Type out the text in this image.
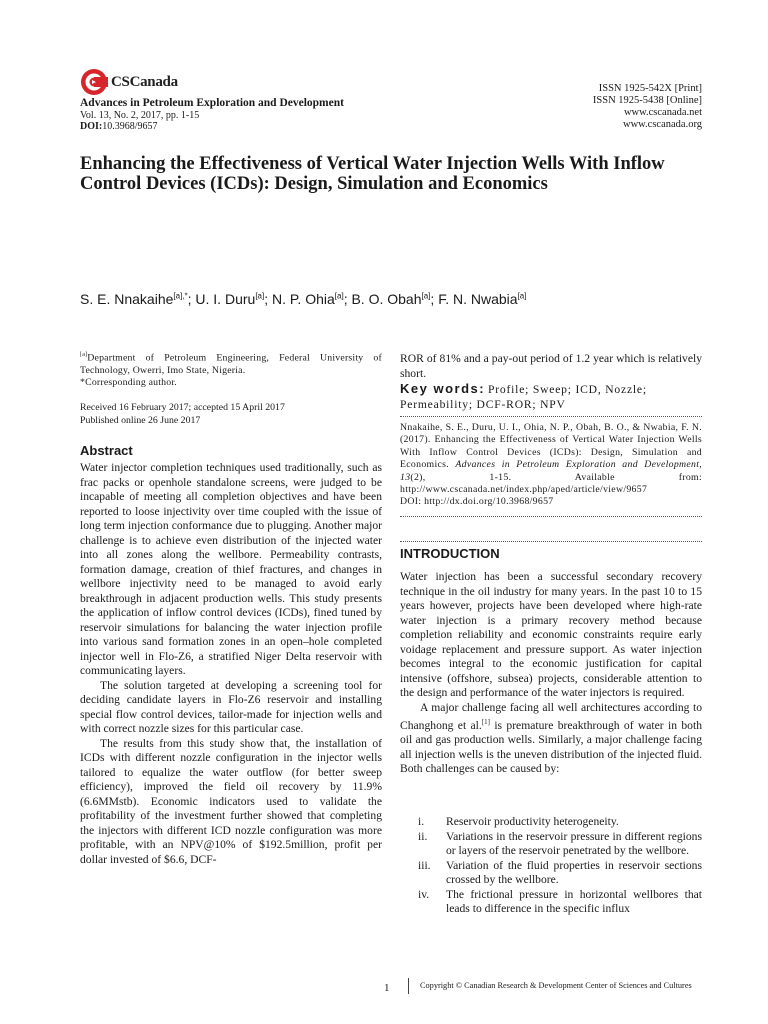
CSCanada
Advances in Petroleum Exploration and Development
Vol. 13, No. 2, 2017, pp. 1-15
DOI:10.3968/9657
ISSN 1925-542X [Print]
ISSN 1925-5438 [Online]
www.cscanada.net
www.cscanada.org
Enhancing the Effectiveness of Vertical Water Injection Wells With Inflow Control Devices (ICDs): Design, Simulation and Economics
S. E. Nnakaihe$^{[a],*}$; U. I. Duru[a]; N. P. Ohia[a]; B. O. Obah[a]; F. N. Nwabia[a]
[a]Department of Petroleum Engineering, Federal University of Technology, Owerri, Imo State, Nigeria.
*Corresponding author.
Received 16 February 2017; accepted 15 April 2017
Published online 26 June 2017
Abstract

Water injector completion techniques used traditionally, such as frac packs or openhole standalone screens, were judged to be incapable of meeting all completion objectives and have been reported to loose injectivity over time coupled with the issue of long term injection conformance due to plugging. Another major challenge is to achieve even distribution of the injected water into all zones along the wellbore. Permeability contrasts, formation damage, creation of thief fractures, and changes in wellbore injectivity need to be managed to avoid early breakthrough in adjacent production wells. This study presents the application of inflow control devices (ICDs), fined tuned by reservoir simulations for balancing the water injection profile into various sand formation zones in an open–hole completed injector well in Flo-Z6, a stratified Niger Delta reservoir with communicating layers.

The solution targeted at developing a screening tool for deciding candidate layers in Flo-Z6 reservoir and installing special flow control devices, tailor-made for injection wells and with correct nozzle sizes for this particular case.

The results from this study show that, the installation of ICDs with different nozzle configuration in the injector wells tailored to equalize the water outflow (for better sweep efficiency), improved the field oil recovery by 11.9% (6.6MMstb). Economic indicators used to validate the profitability of the investment further showed that completing the injectors with different ICD nozzle configuration was more profitable, with an NPV@10% of $192.5million, profit per dollar invested of $6.6, DCF-

ROR of 81% and a pay-out period of 1.2 year which is relatively short.
Key words: Profile; Sweep; ICD, Nozzle; Permeability; DCF-ROR; NPV
Nnakaihe, S. E., Duru, U. I., Ohia, N. P., Obah, B. O., & Nwabia, F. N. (2017). Enhancing the Effectiveness of Vertical Water Injection Wells With Inflow Control Devices (ICDs): Design, Simulation and Economics. Advances in Petroleum Exploration and Development, 13(2), 1-15.	Available from: http://www.cscanada.net/index.php/aped/article/view/9657
DOI: http://dx.doi.org/10.3968/9657
INTRODUCTION

Water injection has been a successful secondary recovery technique in the oil industry for many years. In the past 10 to 15 years however, projects have been developed where high-rate water injection is a primary recovery method because completion reliability and economic constraints require early voidage replacement and pressure support. As water injection becomes integral to the economic justification for capital intensive (offshore, subsea) projects, considerable attention to the design and performance of the water injectors is required.

A major challenge facing all well architectures according to Changhong et al.[1] is premature breakthrough of water in both oil and gas production wells. Similarly, a major challenge facing all injection wells is the uneven distribution of the injected fluid. Both challenges can be caused by:

i. Reservoir productivity heterogeneity.
ii. Variations in the reservoir pressure in different regions or layers of the reservoir penetrated by the wellbore.
iii. Variation of the fluid properties in reservoir sections crossed by the wellbore.
iv. The frictional pressure in horizontal wellbores that leads to difference in the specific influx
1	Copyright © Canadian Research & Development Center of Sciences and Cultures
